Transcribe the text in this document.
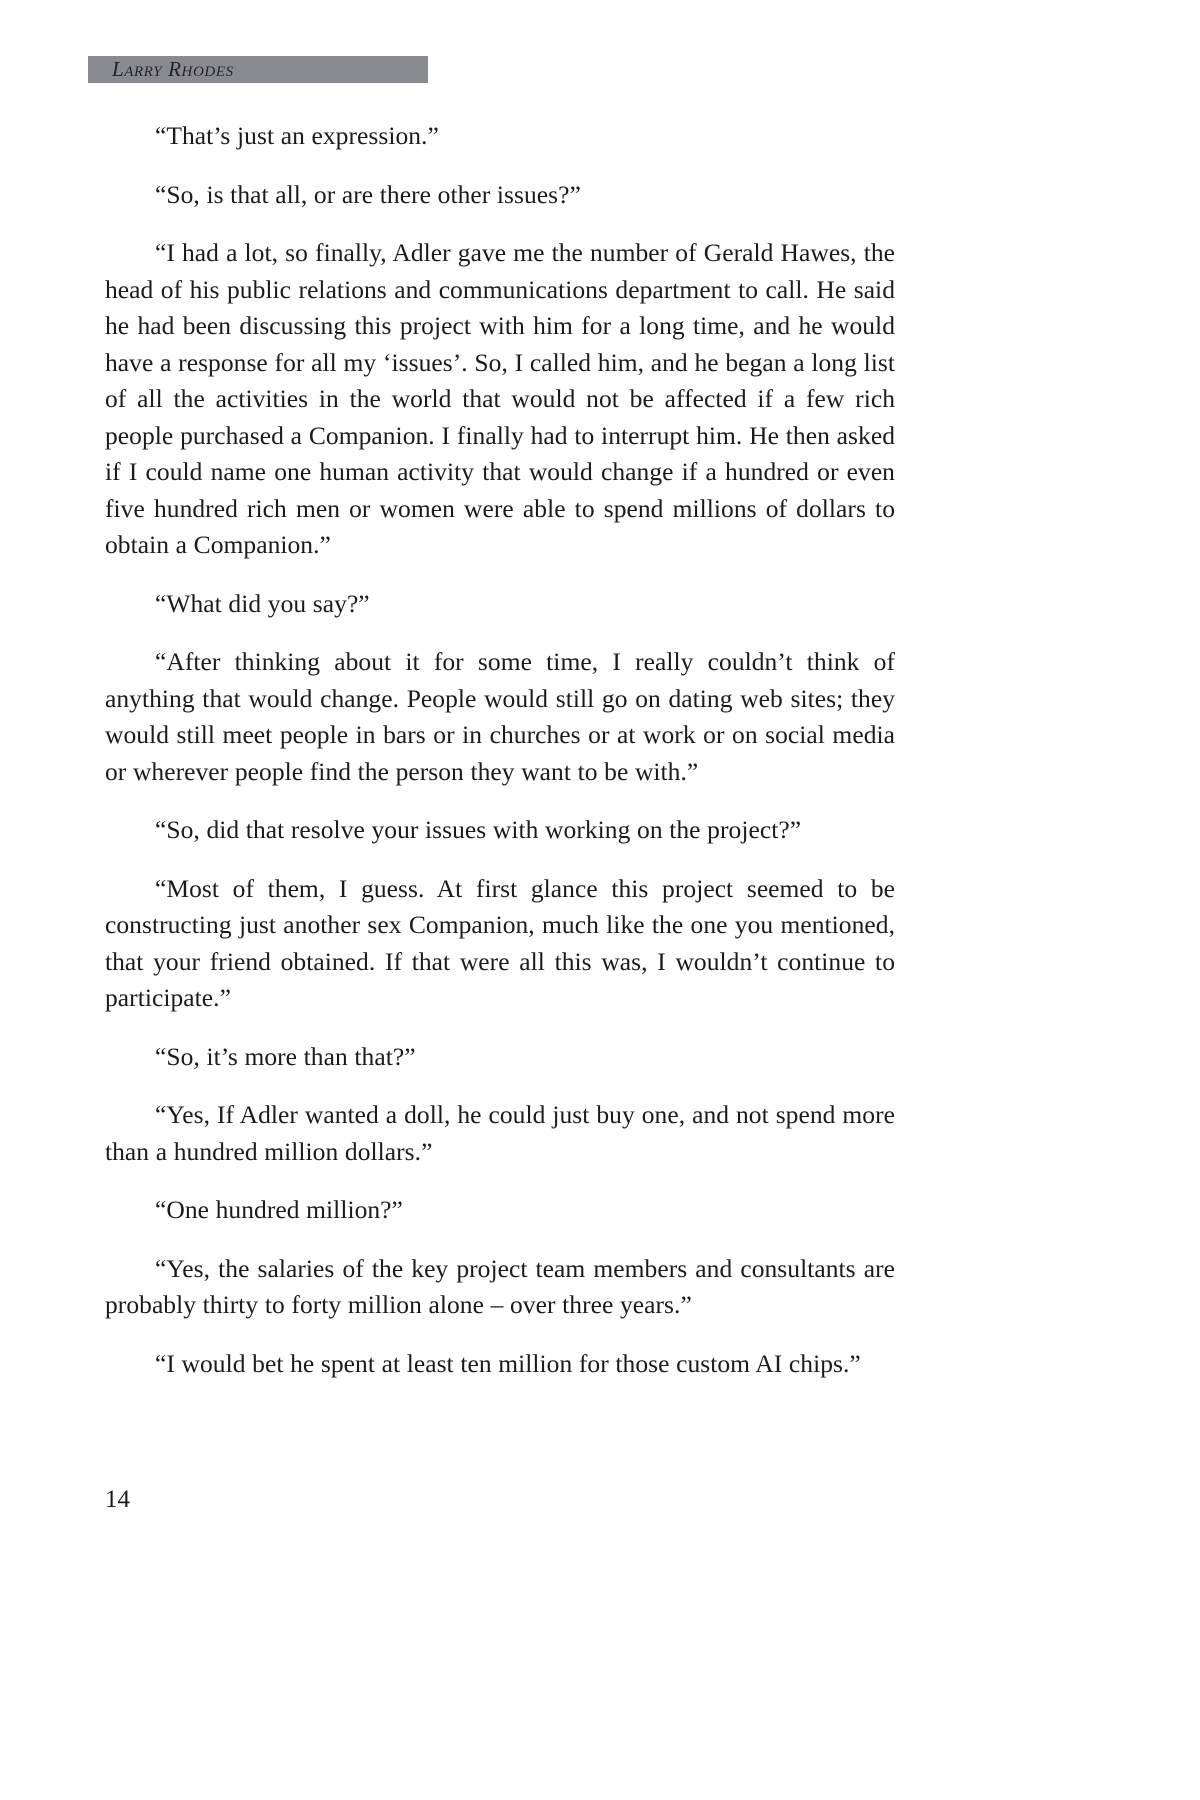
Larry Rhodes

“That’s just an expression.”

“So, is that all, or are there other issues?”

“I had a lot, so finally, Adler gave me the number of Gerald Hawes, the head of his public relations and communications department to call. He said he had been discussing this project with him for a long time, and he would have a response for all my ‘issues’. So, I called him, and he began a long list of all the activities in the world that would not be affected if a few rich people purchased a Companion. I finally had to interrupt him. He then asked if I could name one human activity that would change if a hundred or even five hundred rich men or women were able to spend millions of dollars to obtain a Companion.”

“What did you say?”

“After thinking about it for some time, I really couldn’t think of anything that would change. People would still go on dating web sites; they would still meet people in bars or in churches or at work or on social media or wherever people find the person they want to be with.”

“So, did that resolve your issues with working on the project?”

“Most of them, I guess. At first glance this project seemed to be constructing just another sex Companion, much like the one you mentioned, that your friend obtained. If that were all this was, I wouldn’t continue to participate.”

“So, it’s more than that?”

“Yes, If Adler wanted a doll, he could just buy one, and not spend more than a hundred million dollars.”

“One hundred million?”

“Yes, the salaries of the key project team members and consultants are probably thirty to forty million alone – over three years.”

“I would bet he spent at least ten million for those custom AI chips.”

14
